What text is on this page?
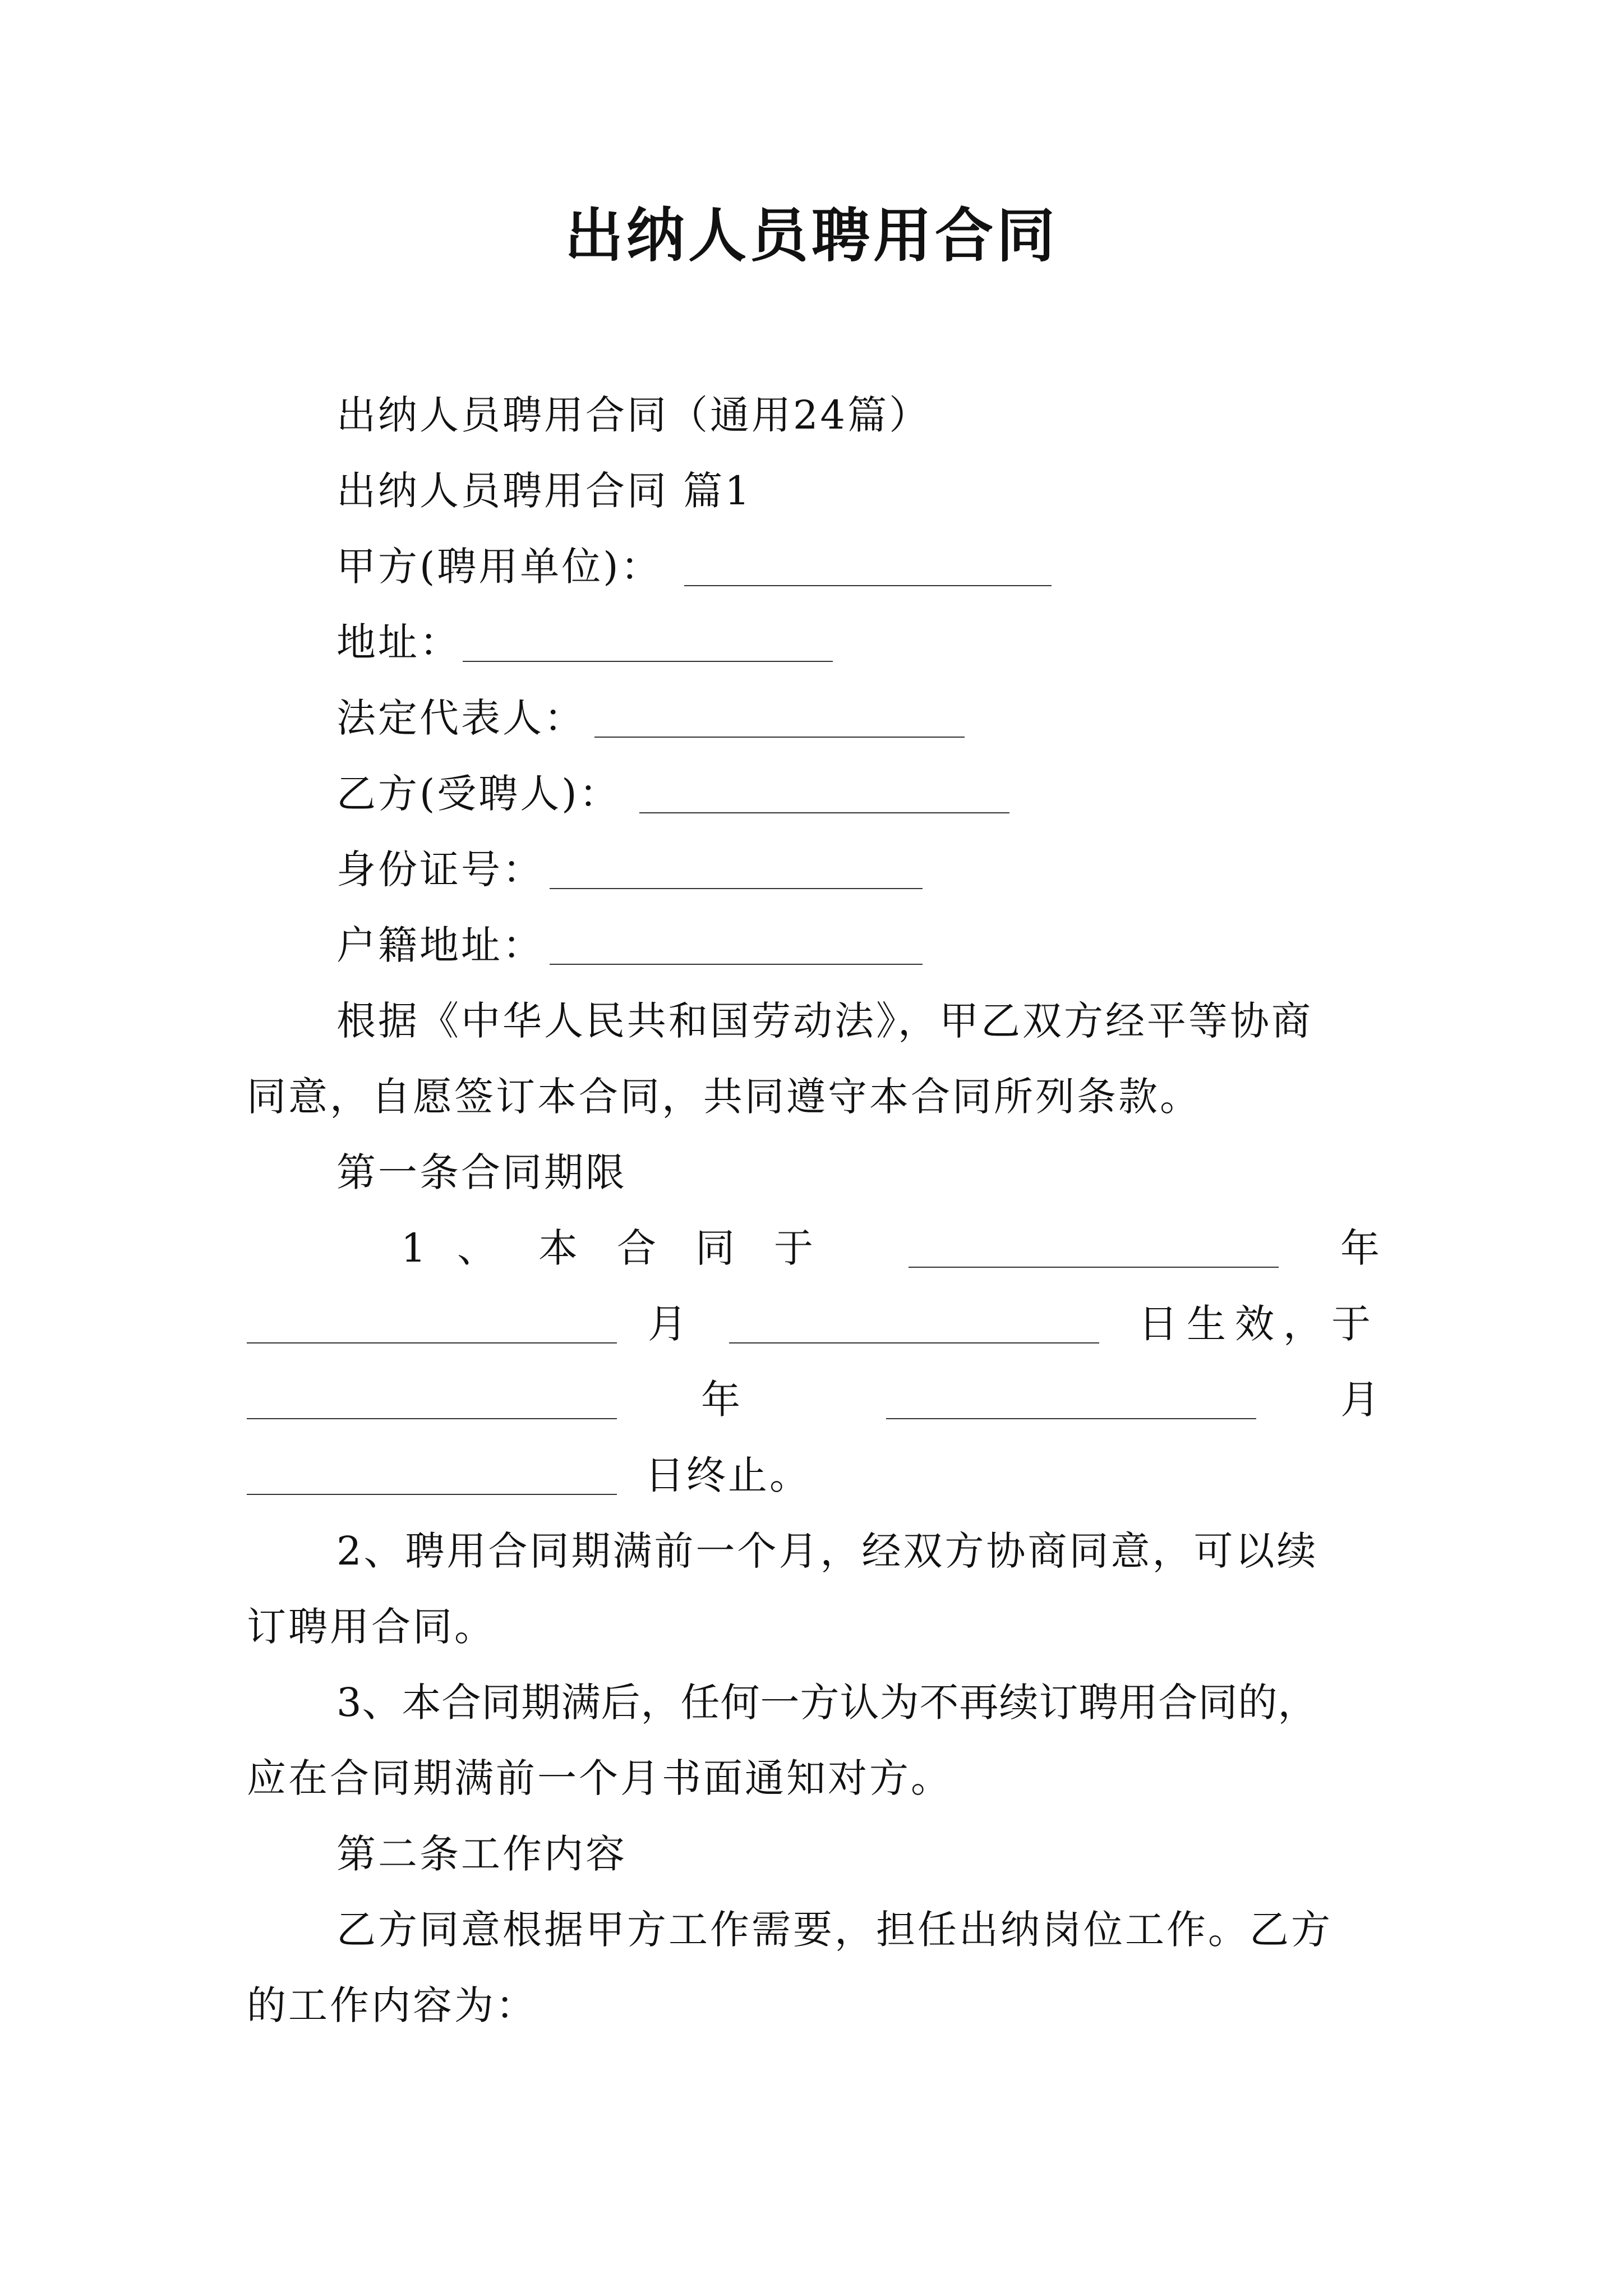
出纳人员聘用合同
出纳人员聘用合同（通用24篇）
出纳人员聘用合同 篇1
甲方(聘用单位)：
地址：
法定代表人：
乙方(受聘人)：
身份证号：
户籍地址：
根据《中华人民共和国劳动法》，甲乙双方经平等协商
同意，自愿签订本合同，共同遵守本合同所列条款。
第一条合同期限
1 、 本 合 同 于	年
月	日生效，于
年	月
日终止。
2、聘用合同期满前一个月，经双方协商同意，可以续
订聘用合同。
3、本合同期满后，任何一方认为不再续订聘用合同的，
应在合同期满前一个月书面通知对方。
第二条工作内容
乙方同意根据甲方工作需要，担任出纳岗位工作。乙方
的工作内容为：
